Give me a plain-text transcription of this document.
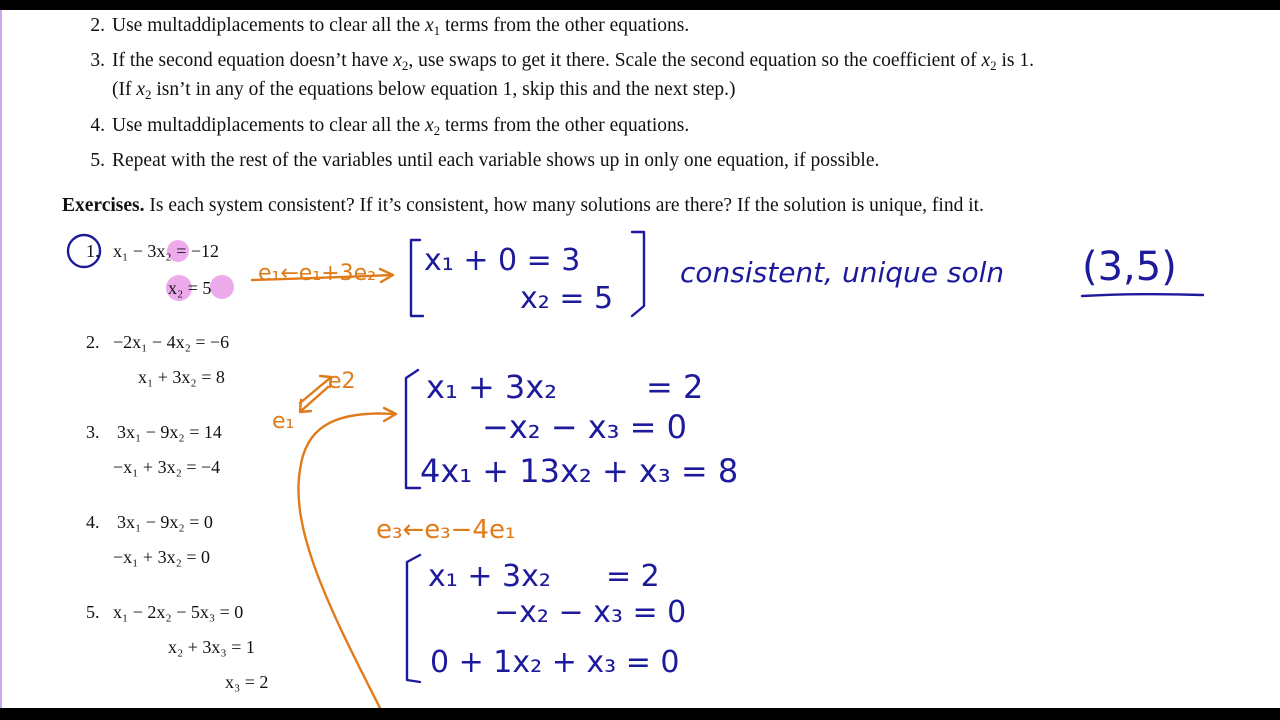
2. Use multaddiplacements to clear all the $x_1$ terms from the other equations.
3. If the second equation doesn’t have $x_2$, use swaps to get it there. Scale the second equation so the coefficient of $x_2$ is 1.
(If $x_2$ isn’t in any of the equations below equation 1, skip this and the next step.)
4. Use multaddiplacements to clear all the $x_2$ terms from the other equations.
5. Repeat with the rest of the variables until each variable shows up in only one equation, if possible.
Exercises. Is each system consistent? If it’s consistent, how many solutions are there? If the solution is unique, find it.
e₁←e₁+3e₂ x₁ + 0 = 3
x₂ = 5
consistent, unique soln (3,5)
e2
e₁
x₁ + 3x₂	= 2
−x₂ − x₃ = 0
4x₁ + 13x₂ + x₃ = 8
e₃←e₃−4e₁
x₁ + 3x₂ = 2
−x₂ − x₃ = 0
0 + 1x₂ + x₃ = 0
1. x₁ − 3x₂ = −12
x₂ = 5
2. −2x₁ − 4x₂ = −6
x₁ + 3x₂ = 8
3. 3x₁ − 9x₂ = 14
−x₁ + 3x₂ = −4
4. 3x₁ − 9x₂ = 0
−x₁ + 3x₂ = 0
5. x₁ − 2x₂ − 5x₃ = 0
x₂ + 3x₃ = 1
x₃ = 2
